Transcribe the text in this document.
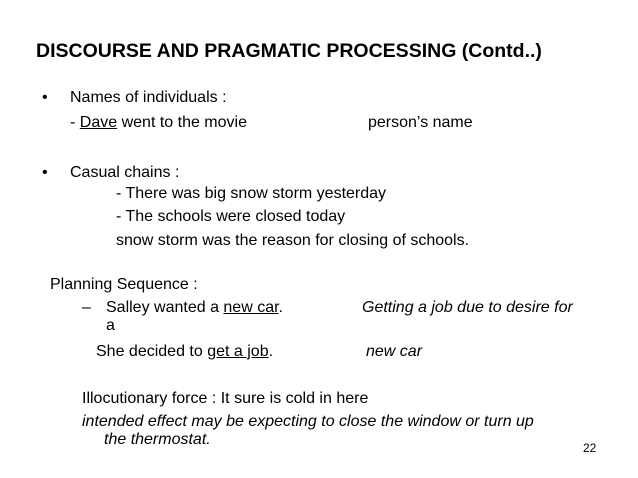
DISCOURSE AND PRAGMATIC PROCESSING (Contd..)
• Names of individuals :
- Dave went to the movie	person’s name
• Casual chains :
- There was big snow storm yesterday
- The schools were closed today
snow storm was the reason for closing of schools.
Planning Sequence :
– Salley wanted a new car.	Getting a job due to desire for
a
She decided to get a job.	new car
Illocutionary force : It sure is cold in here
intended effect may be expecting to close the window or turn up
the thermostat.	22
